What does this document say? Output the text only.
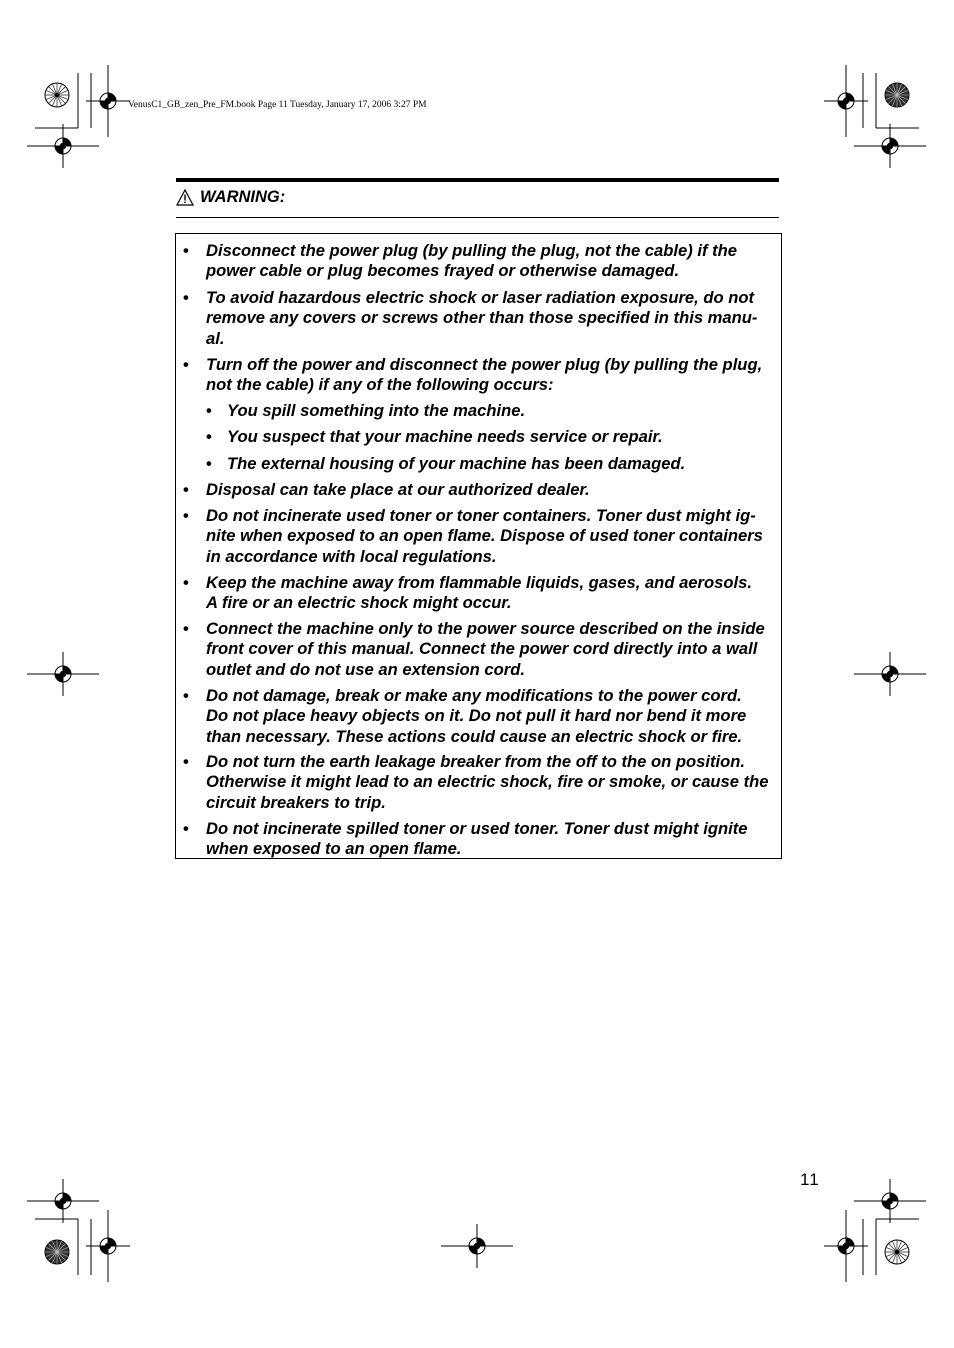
VenusC1_GB_zen_Pre_FM.book Page 11 Tuesday, January 17, 2006 3:27 PM
WARNING:
• Disconnect the power plug (by pulling the plug, not the cable) if the
power cable or plug becomes frayed or otherwise damaged.
• To avoid hazardous electric shock or laser radiation exposure, do not
remove any covers or screws other than those specified in this manu-
al.
• Turn off the power and disconnect the power plug (by pulling the plug,
not the cable) if any of the following occurs:
• You spill something into the machine.
• You suspect that your machine needs service or repair.
• The external housing of your machine has been damaged.
• Disposal can take place at our authorized dealer.
• Do not incinerate used toner or toner containers. Toner dust might ig-
nite when exposed to an open flame. Dispose of used toner containers
in accordance with local regulations.
• Keep the machine away from flammable liquids, gases, and aerosols.
A fire or an electric shock might occur.
• Connect the machine only to the power source described on the inside
front cover of this manual. Connect the power cord directly into a wall
outlet and do not use an extension cord.
• Do not damage, break or make any modifications to the power cord.
Do not place heavy objects on it. Do not pull it hard nor bend it more
than necessary. These actions could cause an electric shock or fire.
• Do not turn the earth leakage breaker from the off to the on position.
Otherwise it might lead to an electric shock, fire or smoke, or cause the
circuit breakers to trip.
• Do not incinerate spilled toner or used toner. Toner dust might ignite
when exposed to an open flame.
11
